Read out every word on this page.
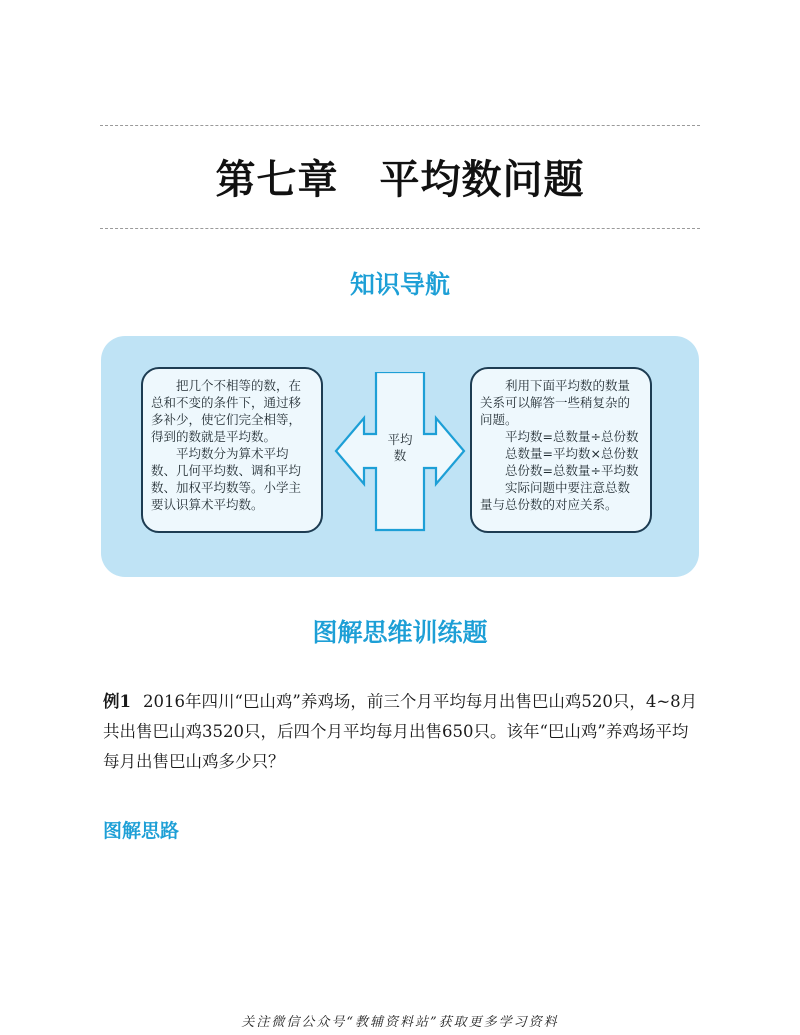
第七章　平均数问题
知识导航

把几个不相等的数，在总和不变的条件下，通过移多补少，使它们完全相等，得到的数就是平均数。

平均数分为算术平均数、几何平均数、调和平均数、加权平均数等。小学主要认识算术平均数。

平均数

利用下面平均数的数量关系可以解答一些稍复杂的问题。

平均数=总数量÷总份数

总数量=平均数×总份数

总份数=总数量÷平均数

实际问题中要注意总数量与总份数的对应关系。

图解思维训练题
例1 2016年四川“巴山鸡”养鸡场，前三个月平均每月出售巴山鸡520只，4~8月共出售巴山鸡3520只，后四个月平均每月出售650只。该年“巴山鸡”养鸡场平均每月出售巴山鸡多少只？
图解思路
关注微信公众号“教辅资料站”获取更多学习资料
